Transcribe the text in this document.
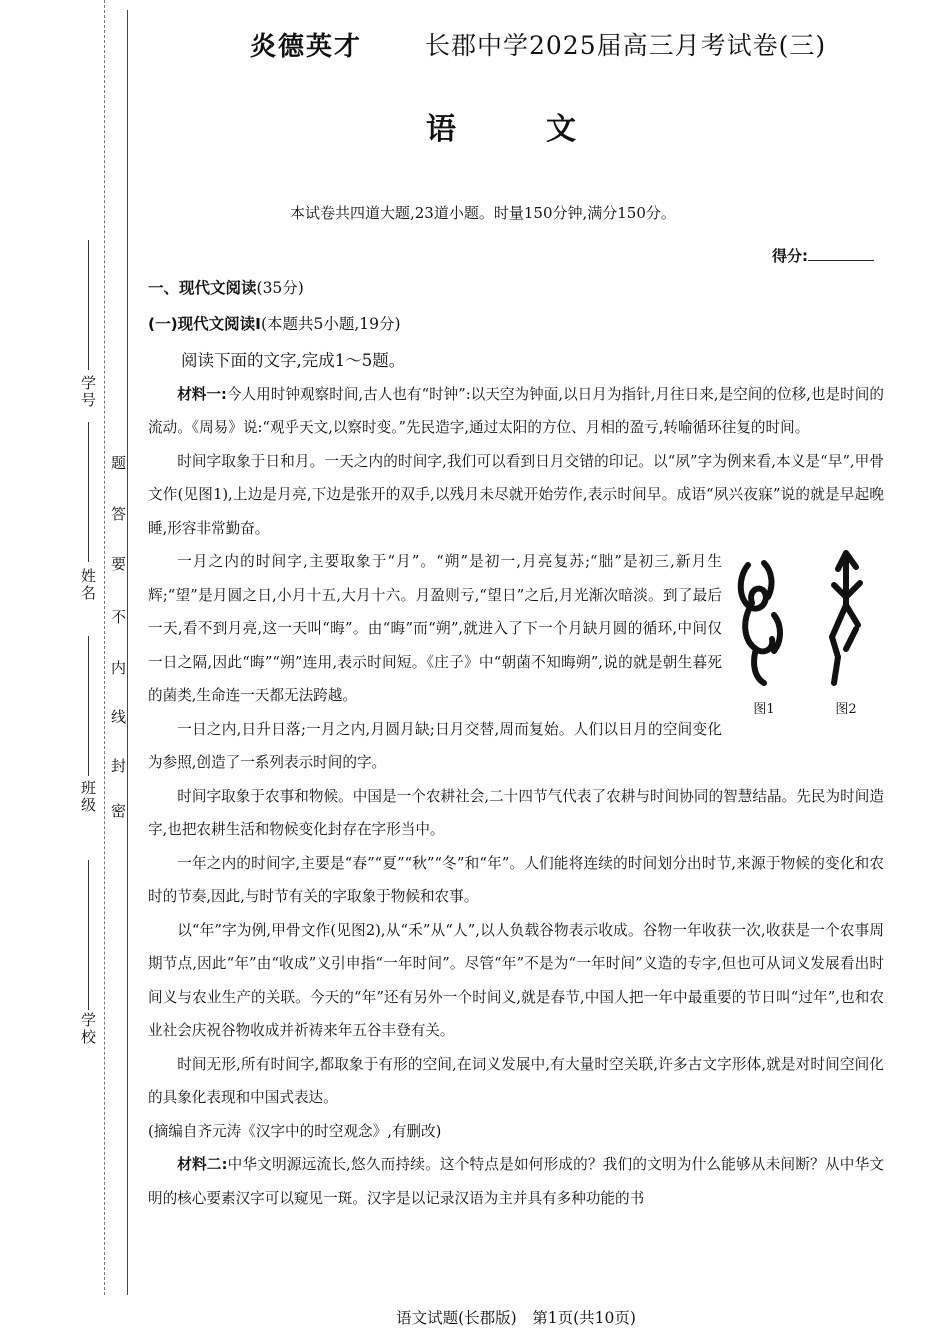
学号
姓名
班级
学校
密
封
线
内
不
要
答
题
炎德英才	长郡中学2025届高三月考试卷(三)
语　文
本试卷共四道大题,23道小题。时量150分钟,满分150分。
得分:
一、现代文阅读(35分)
(一)现代文阅读Ⅰ(本题共5小题,19分)

阅读下面的文字,完成1～5题。

材料一:今人用时钟观察时间,古人也有“时钟”:以天空为钟面,以日月为指针,月往日来,是空间的位移,也是时间的流动。《周易》说:“观乎天文,以察时变。”先民造字,通过太阳的方位、月相的盈亏,转喻循环往复的时间。

时间字取象于日和月。一天之内的时间字,我们可以看到日月交错的印记。以“夙”字为例来看,本义是“早”,甲骨文作(见图1),上边是月亮,下边是张开的双手,以残月未尽就开始劳作,表示时间早。成语“夙兴夜寐”说的就是早起晚睡,形容非常勤奋。

图1	图2

一月之内的时间字,主要取象于“月”。“朔”是初一,月亮复苏;“朏”是初三,新月生辉;“望”是月圆之日,小月十五,大月十六。月盈则亏,“望日”之后,月光渐次暗淡。到了最后一天,看不到月亮,这一天叫“晦”。由“晦”而“朔”,就进入了下一个月缺月圆的循环,中间仅一日之隔,因此“晦”“朔”连用,表示时间短。《庄子》中“朝菌不知晦朔”,说的就是朝生暮死的菌类,生命连一天都无法跨越。

一日之内,日升日落;一月之内,月圆月缺;日月交替,周而复始。人们以日月的空间变化为参照,创造了一系列表示时间的字。

时间字取象于农事和物候。中国是一个农耕社会,二十四节气代表了农耕与时间协同的智慧结晶。先民为时间造字,也把农耕生活和物候变化封存在字形当中。

一年之内的时间字,主要是“春”“夏”“秋”“冬”和“年”。人们能将连续的时间划分出时节,来源于物候的变化和农时的节奏,因此,与时节有关的字取象于物候和农事。

以“年”字为例,甲骨文作(见图2),从“禾”从“人”,以人负载谷物表示收成。谷物一年收获一次,收获是一个农事周期节点,因此“年”由“收成”义引申指“一年时间”。尽管“年”不是为“一年时间”义造的专字,但也可从词义发展看出时间义与农业生产的关联。今天的“年”还有另外一个时间义,就是春节,中国人把一年中最重要的节日叫“过年”,也和农业社会庆祝谷物收成并祈祷来年五谷丰登有关。

时间无形,所有时间字,都取象于有形的空间,在词义发展中,有大量时空关联,许多古文字形体,就是对时间空间化的具象化表现和中国式表达。

(摘编自齐元涛《汉字中的时空观念》,有删改)

材料二:中华文明源远流长,悠久而持续。这个特点是如何形成的？我们的文明为什么能够从未间断？从中华文明的核心要素汉字可以窥见一斑。汉字是以记录汉语为主并具有多种功能的书

语文试题(长郡版)　第1页(共10页)
